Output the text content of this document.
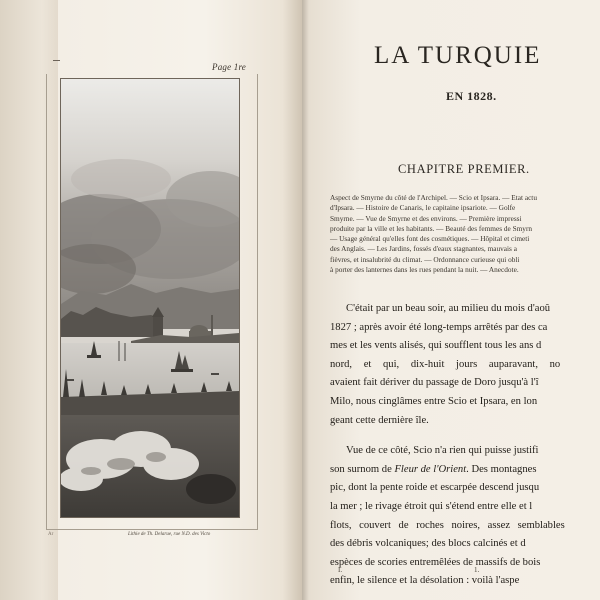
Page 1re
Ar	Lithie de Th. Delarue, rue N.D. des Victo
LA TURQUIE
EN 1828.
CHAPITRE PREMIER.
Aspect de Smyrne du côté de l'Archipel. — Scio et Ipsara. — Etat actu
d'Ipsara. — Histoire de Canaris, le capitaine ipsariote. — Golfe
Smyrne. — Vue de Smyrne et des environs. — Première impressi
produite par la ville et les habitants. — Beauté des femmes de Smyrn
— Usage général qu'elles font des cosmétiques. — Hôpital et cimeti
des Anglais. — Les Jardins, fossés d'eaux stagnantes, mauvais a
fièvres, et insalubrité du climat. — Ordonnance curieuse qui obli
à porter des lanternes dans les rues pendant la nuit. — Anecdote.
C'était par un beau soir, au milieu du mois d'aoû
1827 ; après avoir été long-temps arrêtés par des ca
mes et les vents alisés, qui soufflent tous les ans d
nord, et qui, dix-huit jours auparavant, no
avaient fait dériver du passage de Doro jusqu'à l'î
Milo, nous cinglâmes entre Scio et Ipsara, en lon
geant cette dernière île.
Vue de ce côté, Scio n'a rien qui puisse justifi
son surnom de Fleur de l'Orient. Des montagnes
pic, dont la pente roide et escarpée descend jusqu
la mer ; le rivage étroit qui s'étend entre elle et l
flots, couvert de roches noires, assez semblables
des débris volcaniques; des blocs calcinés et d
espèces de scories entremêlées de massifs de bois
enfin, le silence et la désolation : voilà l'aspe
I.	1.
